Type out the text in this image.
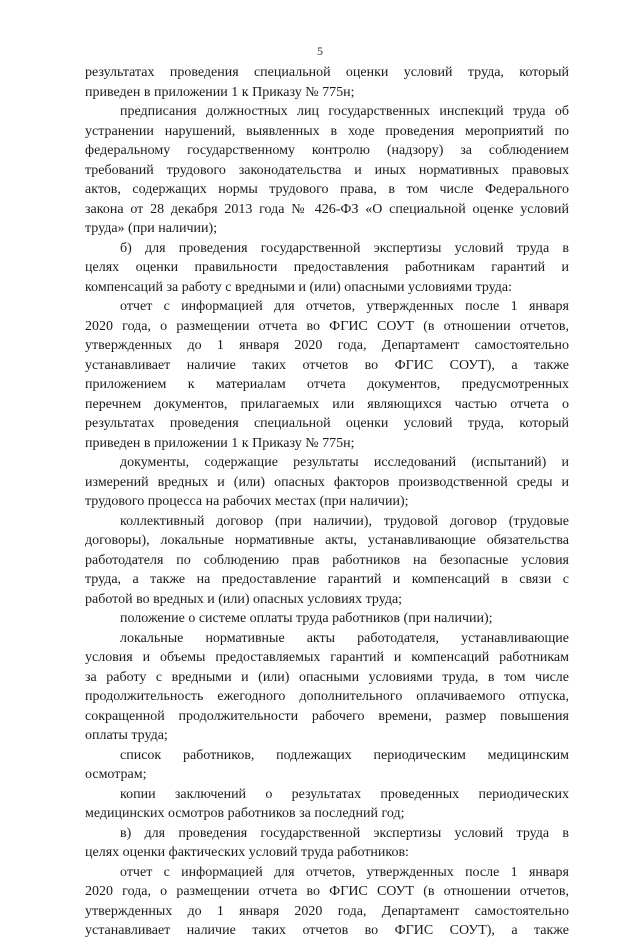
5
результатах проведения специальной оценки условий труда, который
приведен в приложении 1 к Приказу № 775н;
предписания должностных лиц государственных инспекций труда об
устранении нарушений, выявленных в ходе проведения мероприятий по
федеральному государственному контролю (надзору) за соблюдением
требований трудового законодательства и иных нормативных правовых
актов, содержащих нормы трудового права, в том числе Федерального
закона от 28 декабря 2013 года № 426-ФЗ «О специальной оценке условий
труда» (при наличии);
б) для проведения государственной экспертизы условий труда в
целях оценки правильности предоставления работникам гарантий и
компенсаций за работу с вредными и (или) опасными условиями труда:
отчет с информацией для отчетов, утвержденных после 1 января
2020 года, о размещении отчета во ФГИС СОУТ (в отношении отчетов,
утвержденных до 1 января 2020 года, Департамент самостоятельно
устанавливает наличие таких отчетов во ФГИС СОУТ), а также
приложением к материалам отчета документов, предусмотренных
перечнем документов, прилагаемых или являющихся частью отчета о
результатах проведения специальной оценки условий труда, который
приведен в приложении 1 к Приказу № 775н;
документы, содержащие результаты исследований (испытаний) и
измерений вредных и (или) опасных факторов производственной среды и
трудового процесса на рабочих местах (при наличии);
коллективный договор (при наличии), трудовой договор (трудовые
договоры), локальные нормативные акты, устанавливающие обязательства
работодателя по соблюдению прав работников на безопасные условия
труда, а также на предоставление гарантий и компенсаций в связи с
работой во вредных и (или) опасных условиях труда;
положение о системе оплаты труда работников (при наличии);
локальные нормативные акты работодателя, устанавливающие
условия и объемы предоставляемых гарантий и компенсаций работникам
за работу с вредными и (или) опасными условиями труда, в том числе
продолжительность ежегодного дополнительного оплачиваемого отпуска,
сокращенной продолжительности рабочего времени, размер повышения
оплаты труда;
список работников, подлежащих периодическим медицинским
осмотрам;
копии заключений о результатах проведенных периодических
медицинских осмотров работников за последний год;
в) для проведения государственной экспертизы условий труда в
целях оценки фактических условий труда работников:
отчет с информацией для отчетов, утвержденных после 1 января
2020 года, о размещении отчета во ФГИС СОУТ (в отношении отчетов,
утвержденных до 1 января 2020 года, Департамент самостоятельно
устанавливает наличие таких отчетов во ФГИС СОУТ), а также
